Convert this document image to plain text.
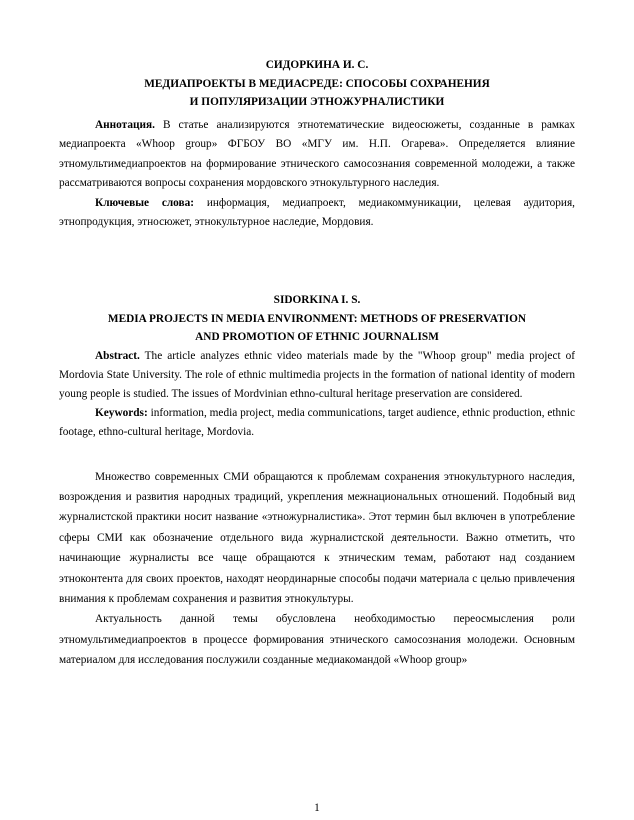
СИДОРКИНА И. С.
МЕДИАПРОЕКТЫ В МЕДИАСРЕДЕ: СПОСОБЫ СОХРАНЕНИЯ
И ПОПУЛЯРИЗАЦИИ ЭТНОЖУРНАЛИСТИКИ

Аннотация. В статье анализируются этнотематические видеосюжеты, созданные в рамках медиапроекта «Whoop group» ФГБОУ ВО «МГУ им. Н.П. Огарева». Определяется влияние этномультимедиапроектов на формирование этнического самосознания современной молодежи, а также рассматриваются вопросы сохранения мордовского этнокультурного наследия.

Ключевые слова: информация, медиапроект, медиакоммуникации, целевая аудитория, этнопродукция, этносюжет, этнокультурное наследие, Мордовия.

SIDORKINA I. S.
MEDIA PROJECTS IN MEDIA ENVIRONMENT: METHODS OF PRESERVATION
AND PROMOTION OF ETHNIC JOURNALISM

Abstract. The article analyzes ethnic video materials made by the "Whoop group" media project of Mordovia State University. The role of ethnic multimedia projects in the formation of national identity of modern young people is studied. The issues of Mordvinian ethno-cultural heritage preservation are considered.

Keywords: information, media project, media communications, target audience, ethnic production, ethnic footage, ethno-cultural heritage, Mordovia.

Множество современных СМИ обращаются к проблемам сохранения этнокультурного наследия, возрождения и развития народных традиций, укрепления межнациональных отношений. Подобный вид журналистской практики носит название «этножурналистика». Этот термин был включен в употребление сферы СМИ как обозначение отдельного вида журналистской деятельности. Важно отметить, что начинающие журналисты все чаще обращаются к этническим темам, работают над созданием этноконтента для своих проектов, находят неординарные способы подачи материала с целью привлечения внимания к проблемам сохранения и развития этнокультуры.

Актуальность данной темы обусловлена необходимостью переосмысления роли этномультимедиапроектов в процессе формирования этнического самосознания молодежи. Основным материалом для исследования послужили созданные медиакомандой «Whoop group»

1
